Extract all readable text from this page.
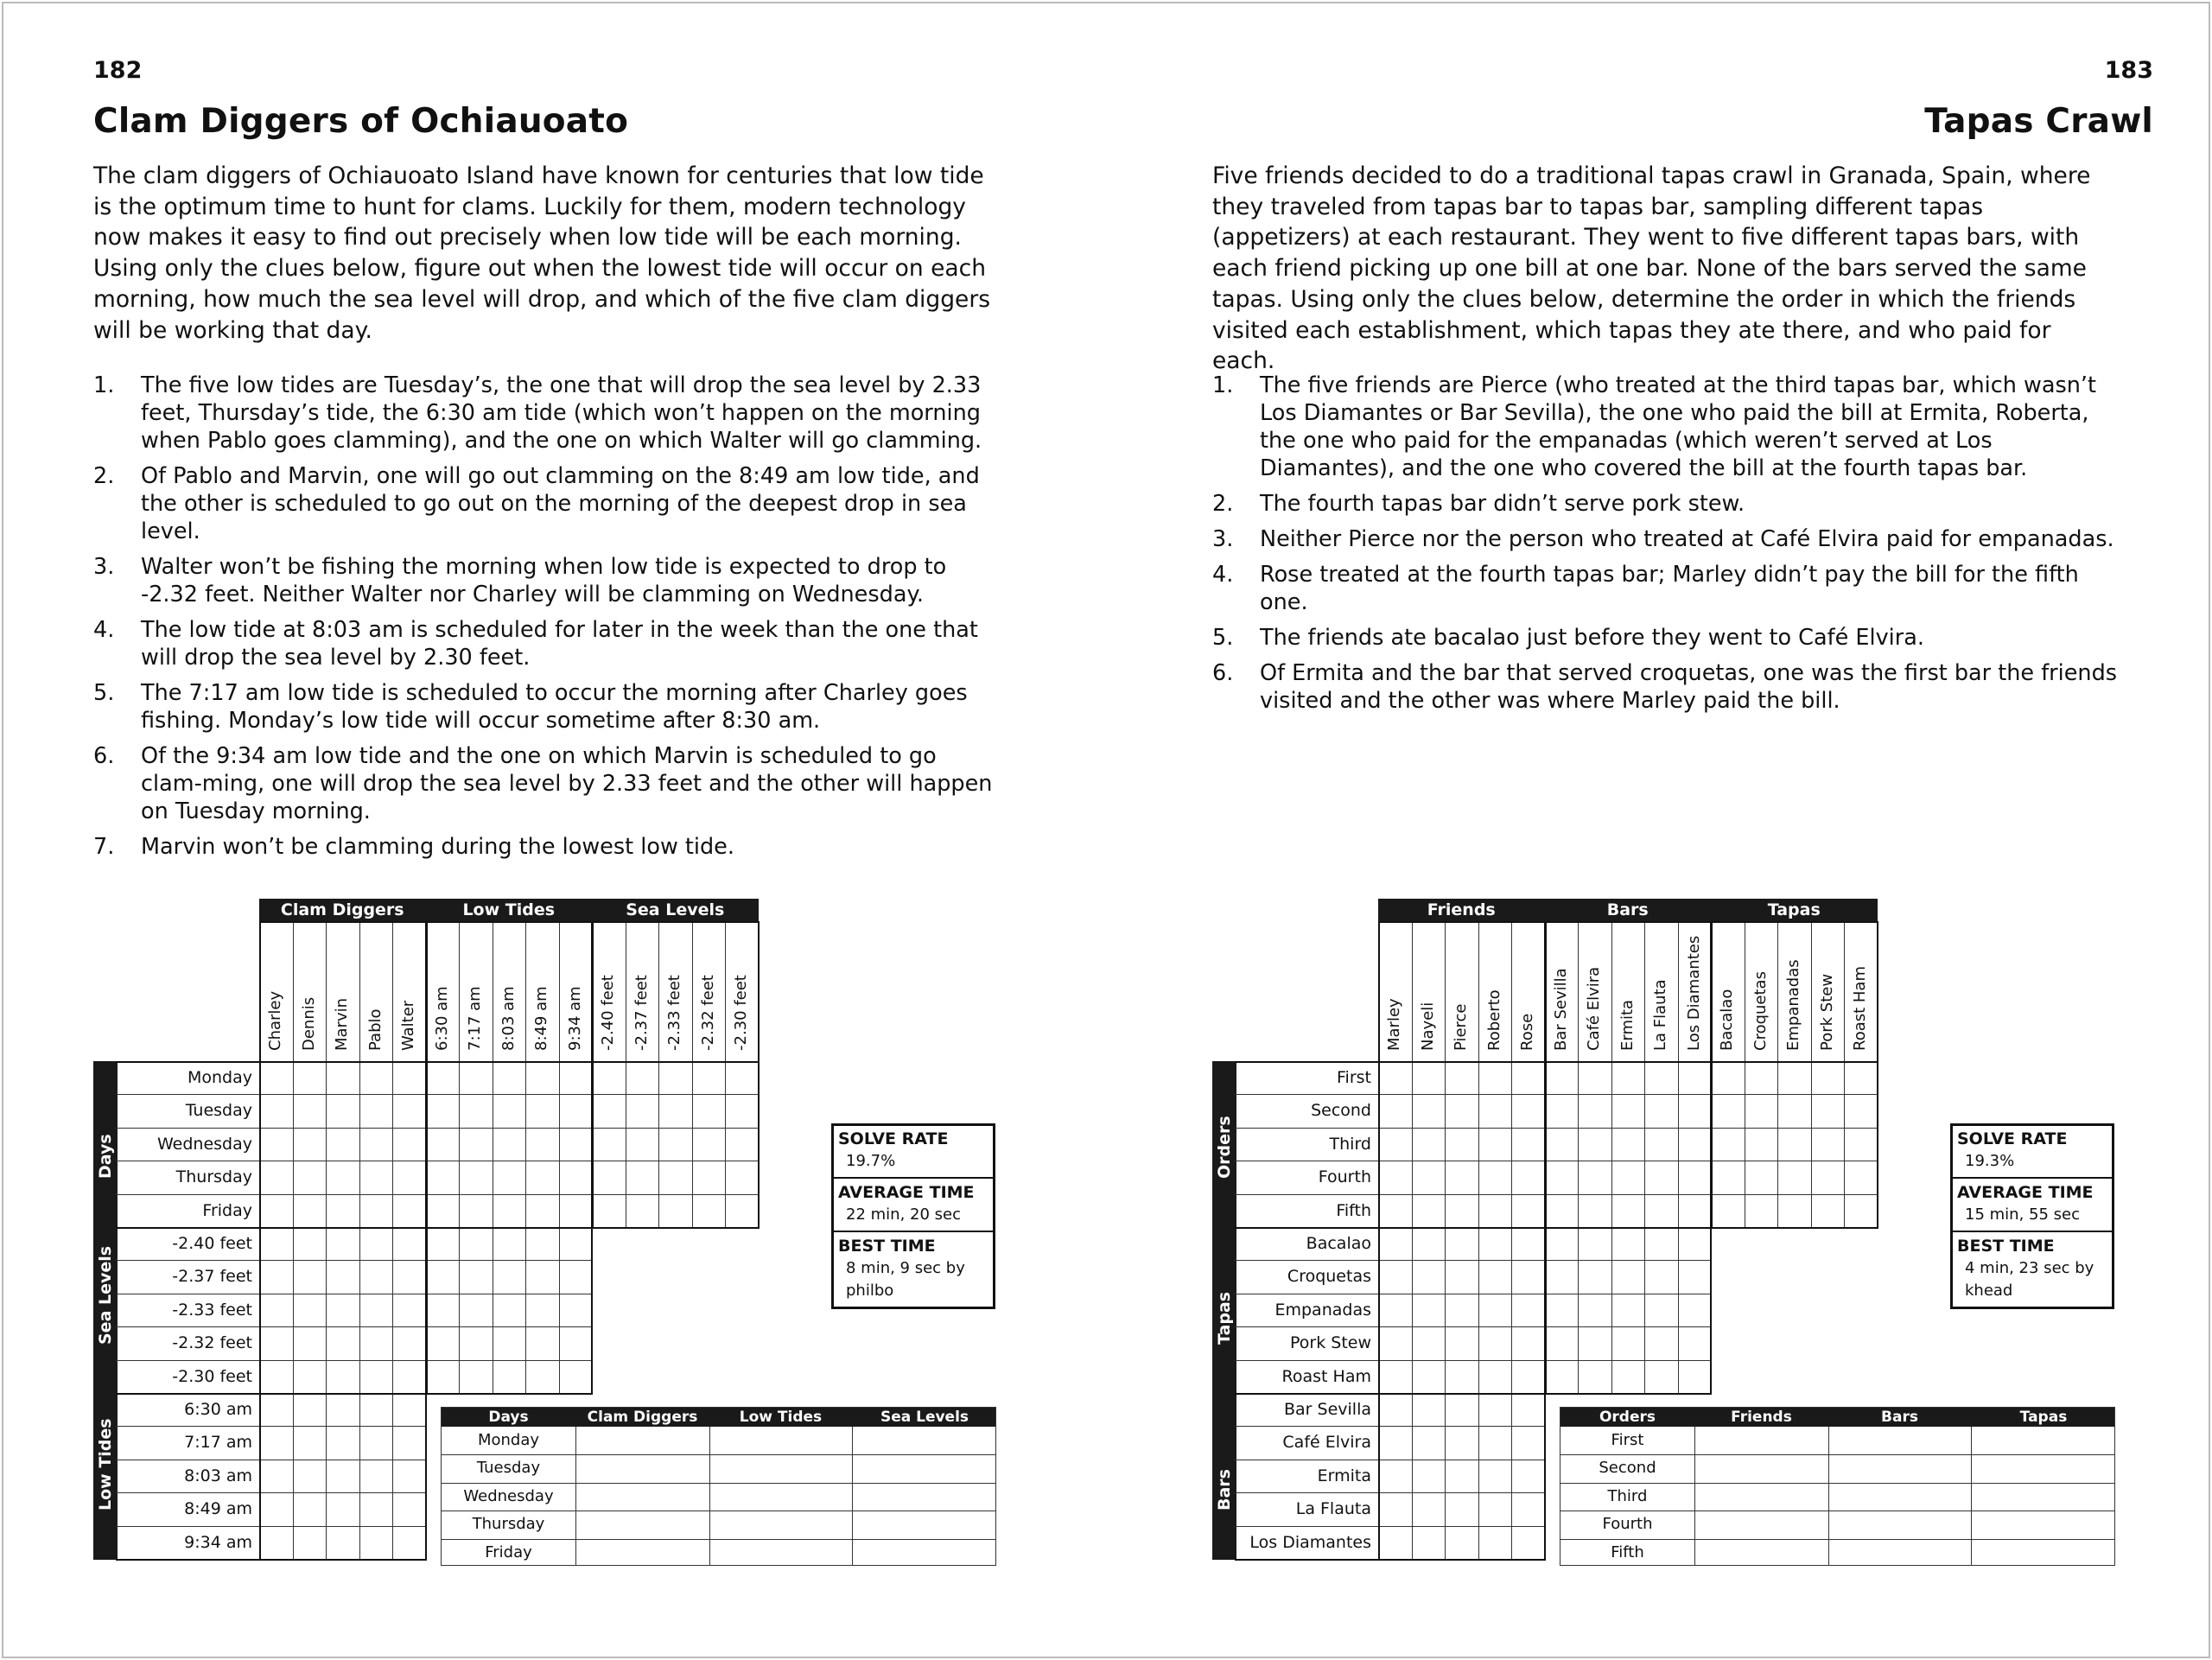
182
Clam Diggers of Ochiauoato

The clam diggers of Ochiauoato Island have known for centuries that low tide is the optimum time to hunt for clams. Luckily for them, modern technology now makes it easy to find out precisely when low tide will be each morning. Using only the clues below, figure out when the lowest tide will occur on each morning, how much the sea level will drop, and which of the five clam diggers will be working that day.

1. The five low tides are Tuesday’s, the one that will drop the sea level by 2.33 feet, Thursday’s tide, the 6:30 am tide (which won’t happen on the morning when Pablo goes clamming), and the one on which Walter will go clamming.
2. Of Pablo and Marvin, one will go out clamming on the 8:49 am low tide, and the other is scheduled to go out on the morning of the deepest drop in sea level.
3. Walter won’t be fishing the morning when low tide is expected to drop to -2.32 feet. Neither Walter nor Charley will be clamming on Wednesday.
4. The low tide at 8:03 am is scheduled for later in the week than the one that will drop the sea level by 2.30 feet.
5. The 7:17 am low tide is scheduled to occur the morning after Charley goes fishing. Monday’s low tide will occur sometime after 8:30 am.
6. Of the 9:34 am low tide and the one on which Marvin is scheduled to go clam-ming, one will drop the sea level by 2.33 feet and the other will happen on Tuesday morning.
7. Marvin won’t be clamming during the lowest low tide.
SOLVE RATE
19.7%
AVERAGE TIME
22 min, 20 sec
BEST TIME
8 min, 9 sec by
philbo
Clam Diggers
Charley Dennis Marvin Pablo Walter
Low Tides
6:30 am 7:17 am 8:03 am 8:49 am 9:34 am
Sea Levels
-2.40 feet -2.37 feet -2.33 feet -2.32 feet -2.30 feet
Days
Monday
Tuesday
Wednesday
Thursday
Friday
Sea Levels
-2.40 feet
-2.37 feet
-2.33 feet
-2.32 feet
-2.30 feet
Low Tides
6:30 am
7:17 am
8:03 am
8:49 am
9:34 am
Days	Clam Diggers	Low Tides	Sea Levels
Monday
Tuesday
Wednesday
Thursday
Friday
183
Tapas Crawl

Five friends decided to do a traditional tapas crawl in Granada, Spain, where they traveled from tapas bar to tapas bar, sampling different tapas (appetizers) at each restaurant. They went to five different tapas bars, with each friend picking up one bill at one bar. None of the bars served the same tapas. Using only the clues below, determine the order in which the friends visited each establishment, which tapas they ate there, and who paid for each.

1. The five friends are Pierce (who treated at the third tapas bar, which wasn’t Los Diamantes or Bar Sevilla), the one who paid the bill at Ermita, Roberta, the one who paid for the empanadas (which weren’t served at Los Diamantes), and the one who covered the bill at the fourth tapas bar.
2. The fourth tapas bar didn’t serve pork stew.
3. Neither Pierce nor the person who treated at Café Elvira paid for empanadas.
4. Rose treated at the fourth tapas bar; Marley didn’t pay the bill for the fifth one.
5. The friends ate bacalao just before they went to Café Elvira.
6. Of Ermita and the bar that served croquetas, one was the first bar the friends visited and the other was where Marley paid the bill.
SOLVE RATE
19.3%
AVERAGE TIME
15 min, 55 sec
BEST TIME
4 min, 23 sec by
khead
Friends
Marley Nayeli Pierce Roberto Rose
Bars
Bar Sevilla Café Elvira Ermita La Flauta Los Diamantes
Tapas
Bacalao Croquetas Empanadas Pork Stew Roast Ham
Orders
First
Second
Third
Fourth
Fifth
Tapas
Bacalao
Croquetas
Empanadas
Pork Stew
Roast Ham
Bars
Bar Sevilla
Café Elvira
Ermita
La Flauta
Los Diamantes
Orders	Friends	Bars	Tapas
First
Second
Third
Fourth
Fifth
